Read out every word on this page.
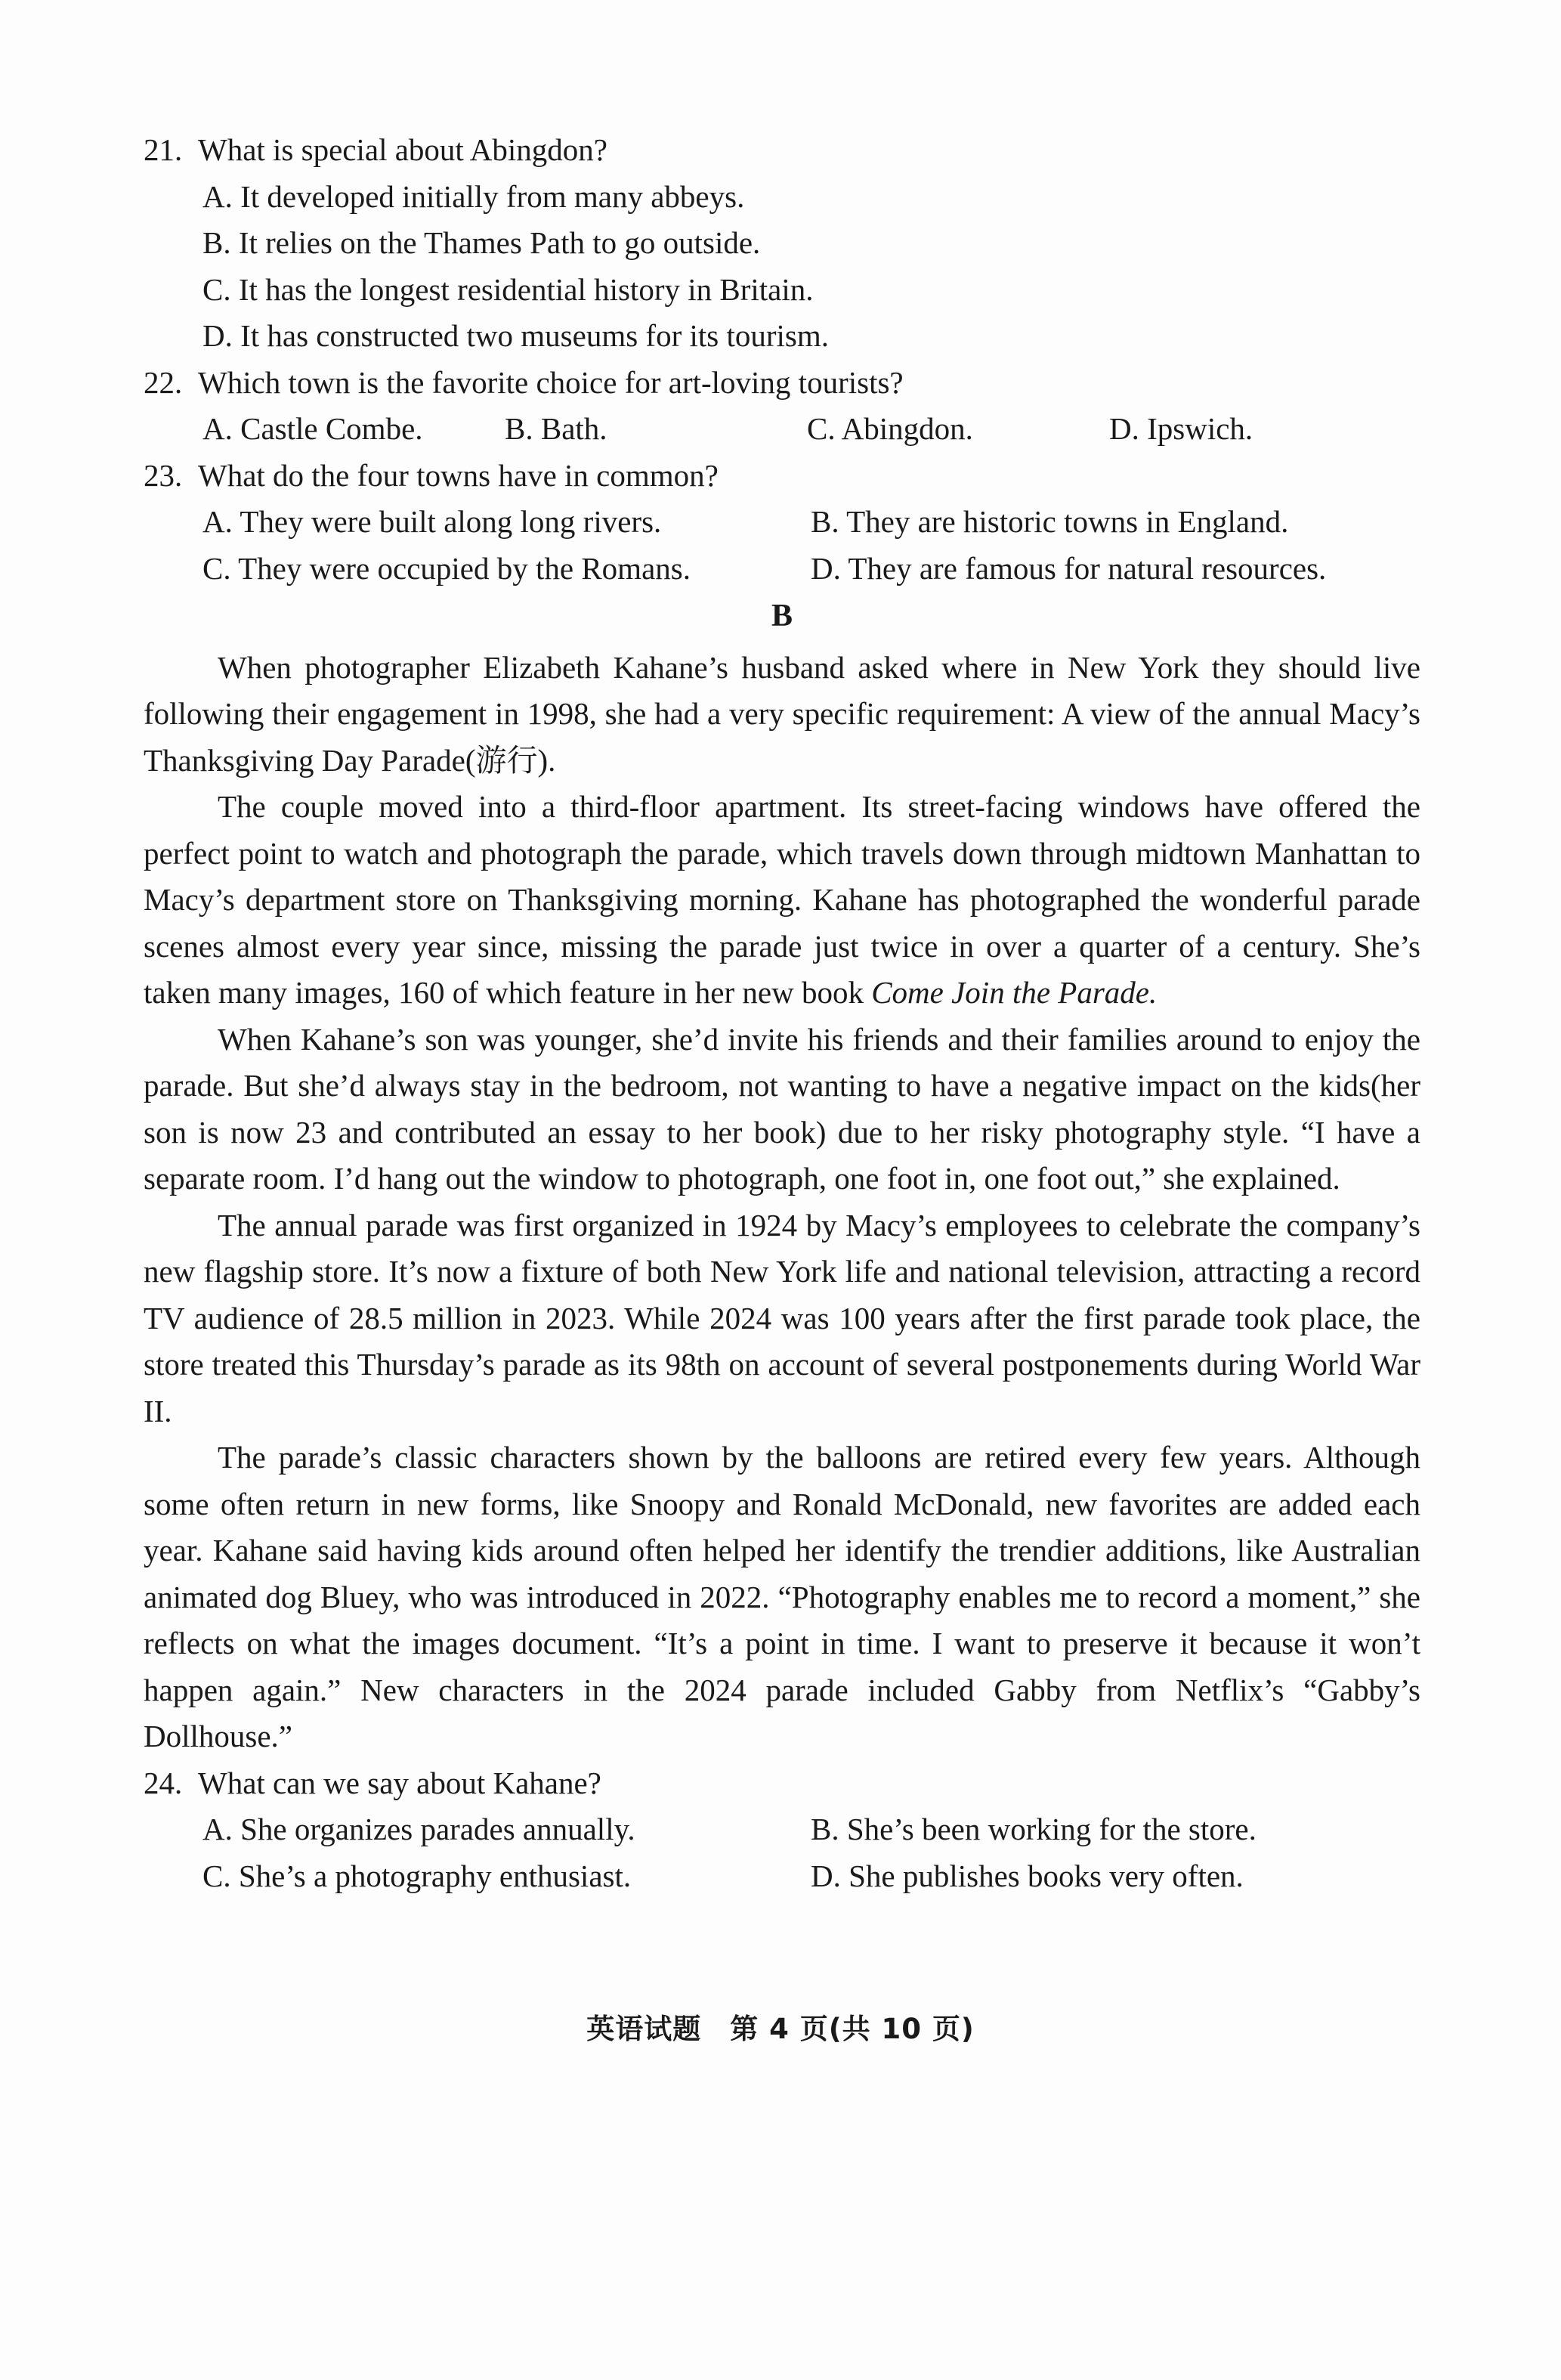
21. What is special about Abingdon?

A. It developed initially from many abbeys.

B. It relies on the Thames Path to go outside.

C. It has the longest residential history in Britain.

D. It has constructed two museums for its tourism.

22. Which town is the favorite choice for art-loving tourists?

A. Castle Combe.	B. Bath.	C. Abingdon.	D. Ipswich.

23. What do the four towns have in common?

A. They were built along long rivers.	B. They are historic towns in England.
C. They were occupied by the Romans.	D. They are famous for natural resources.
B

When photographer Elizabeth Kahane’s husband asked where in New York they should live following their engagement in 1998, she had a very specific requirement: A view of the annual Macy’s Thanksgiving Day Parade(游行).

The couple moved into a third-floor apartment. Its street-facing windows have offered the perfect point to watch and photograph the parade, which travels down through midtown Manhattan to Macy’s department store on Thanksgiving morning. Kahane has photographed the wonderful parade scenes almost every year since, missing the parade just twice in over a quarter of a century. She’s taken many images, 160 of which feature in her new book Come Join the Parade.

When Kahane’s son was younger, she’d invite his friends and their families around to enjoy the parade. But she’d always stay in the bedroom, not wanting to have a negative impact on the kids(her son is now 23 and contributed an essay to her book) due to her risky photography style. “I have a separate room. I’d hang out the window to photograph, one foot in, one foot out,” she explained.

The annual parade was first organized in 1924 by Macy’s employees to celebrate the company’s new flagship store. It’s now a fixture of both New York life and national television, attracting a record TV audience of 28.5 million in 2023. While 2024 was 100 years after the first parade took place, the store treated this Thursday’s parade as its 98th on account of several postponements during World War II.

The parade’s classic characters shown by the balloons are retired every few years. Although some often return in new forms, like Snoopy and Ronald McDonald, new favorites are added each year. Kahane said having kids around often helped her identify the trendier additions, like Australian animated dog Bluey, who was introduced in 2022. “Photography enables me to record a moment,” she reflects on what the images document. “It’s a point in time. I want to preserve it because it won’t happen again.” New characters in the 2024 parade included Gabby from Netflix’s “Gabby’s Dollhouse.”

24. What can we say about Kahane?

A. She organizes parades annually.	B. She’s been working for the store.
C. She’s a photography enthusiast.	D. She publishes books very often.
英语试题　第 4 页(共 10 页)
